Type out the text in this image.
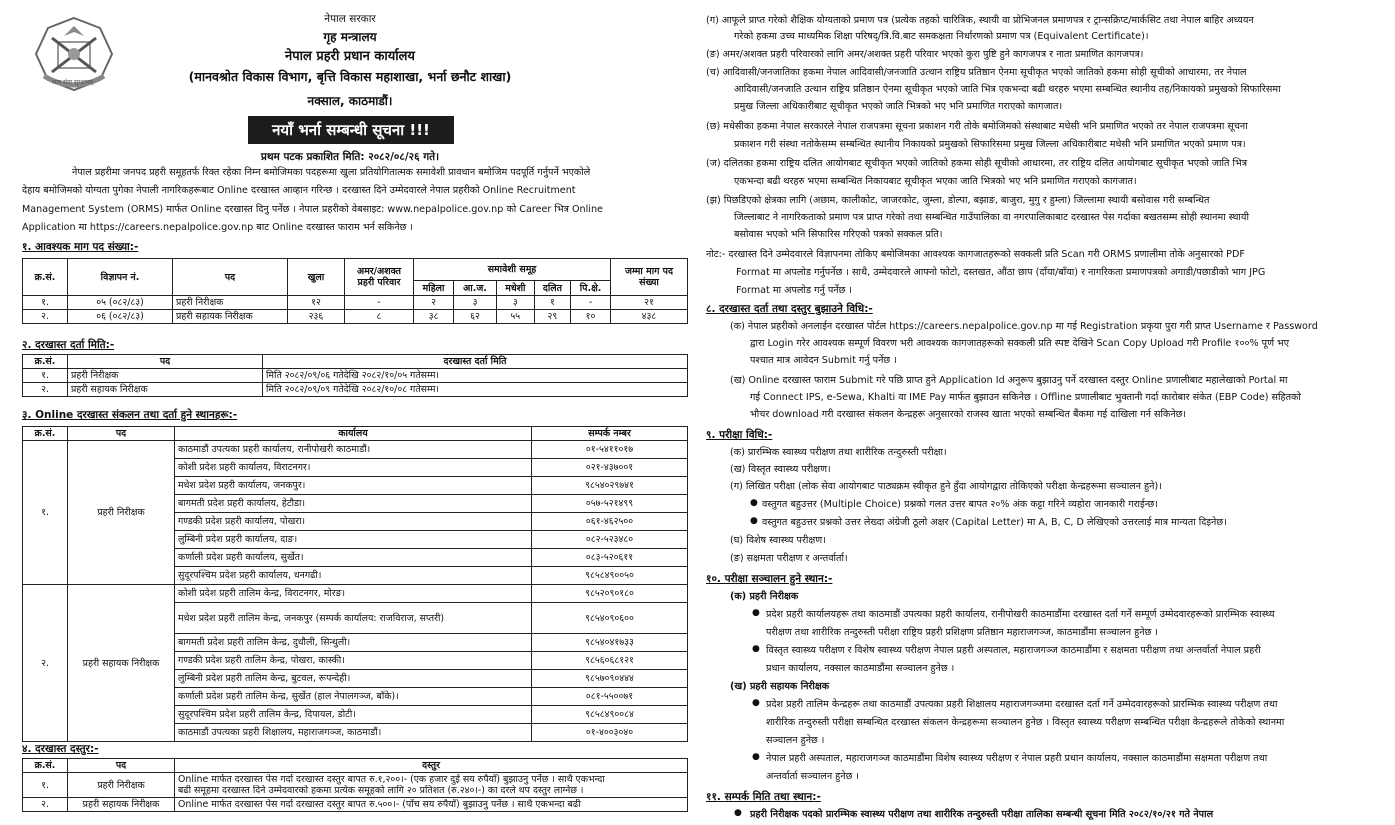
सत्य सेवा सुरक्षणम्
नेपाल सरकार
गृह मन्त्रालय
नेपाल प्रहरी प्रधान कार्यालय
(मानवश्रोत विकास विभाग, बृत्ति विकास महाशाखा, भर्ना छनौट शाखा)
नक्साल, काठमाडौं।
नयाँ भर्ना सम्बन्धी सूचना !!!
प्रथम पटक प्रकाशित मिति: २०८२/०८/२६ गते।
नेपाल प्रहरीमा जनपद प्रहरी समूहतर्फ रिक्त रहेका निम्न बमोजिमका पदहरूमा खुला प्रतियोगितात्मक समावेशी प्रावधान बमोजिम पदपूर्ति गर्नुपर्ने भएकोले
देहाय बमोजिमको योग्यता पुगेका नेपाली नागरिकहरूबाट Online दरखास्त आव्हान गरिन्छ । दरखास्त दिने उम्मेदवारले नेपाल प्रहरीको Online Recruitment
Management System (ORMS) मार्फत Online दरखास्त दिनु पर्नेछ । नेपाल प्रहरीको वेबसाइट: www.nepalpolice.gov.np को Career भित्र Online
Application मा https://careers.nepalpolice.gov.np बाट Online दरखास्त फाराम भर्न सकिनेछ ।
१. आवश्यक माग पद संख्या:-
क्र.सं.	विज्ञापन नं.	पद	खुला	अमर/अशक्त प्रहरी परिवार	समावेशी समूह					जम्मा माग पद संख्या
					महिला	आ.ज.	मधेशी	दलित	पि.क्षे.	
१.	०५ (०८२/८३)	प्रहरी निरीक्षक	१२	-	२	३	३	१	-	२१
२.	०६ (०८२/८३)	प्रहरी सहायक निरीक्षक	२३६	८	३८	६२	५५	२९	१०	४३८
२. दरखास्त दर्ता मिति:-
क्र.सं.	पद	दरखास्त दर्ता मिति
१.	प्रहरी निरीक्षक	मिति २०८२/०९/०६ गतेदेखि २०८२/१०/०५ गतेसम्म।
२.	प्रहरी सहायक निरीक्षक	मिति २०८२/०९/०९ गतेदेखि २०८२/१०/०८ गतेसम्म।
३. Online दरखास्त संकलन तथा दर्ता हुने स्थानहरू:-
क्र.सं.	पद	कार्यालय	सम्पर्क नम्बर
१.	प्रहरी निरीक्षक	काठमाडौं उपत्यका प्रहरी कार्यालय, रानीपोखरी काठमाडौं।	०१-५४११०१७
		कोशी प्रदेश प्रहरी कार्यालय, विराटनगर।	०२१-४३७००१
		मधेश प्रदेश प्रहरी कार्यालय, जनकपुर।	९८५४०२९७४१
		बागमती प्रदेश प्रहरी कार्यालय, हेटौडा।	०५७-५२१४९९
		गण्डकी प्रदेश प्रहरी कार्यालय, पोखरा।	०६१-४६२५००
		लुम्बिनी प्रदेश प्रहरी कार्यालय, दाङ।	०८२-५२३४८०
		कर्णाली प्रदेश प्रहरी कार्यालय, सुर्खेत।	०८३-५२०६११
		सुदूरपश्चिम प्रदेश प्रहरी कार्यालय, धनगढी।	९८५८४९००५०
२.	प्रहरी सहायक निरीक्षक	कोशी प्रदेश प्रहरी तालिम केन्द्र, विराटनगर, मोरङ।	९८५२०९०१८०
		मधेश प्रदेश प्रहरी तालिम केन्द्र, जनकपुर (सम्पर्क कार्यालय: राजविराज, सप्तरी)	९८५४०९०६००
		बागमती प्रदेश प्रहरी तालिम केन्द्र, दुधौली, सिन्धुली।	९८५४०४१७३३
		गण्डकी प्रदेश प्रहरी तालिम केन्द्र, पोखरा, कास्की।	९८५६०६८१२१
		लुम्बिनी प्रदेश प्रहरी तालिम केन्द्र, बुटवल, रूपन्देही।	९८५७०९०४४४
		कर्णाली प्रदेश प्रहरी तालिम केन्द्र, सुर्खेत (हाल नेपालगञ्ज, बाँके)।	०८१-५५००७१
		सुदूरपश्चिम प्रदेश प्रहरी तालिम केन्द्र, दिपायल, डोटी।	९८५८४९००८४
		काठमाडौं उपत्यका प्रहरी शिक्षालय, महाराजगञ्ज, काठमाडौं।	०१-४००३०४०
४. दरखास्त दस्तुर:-
क्र.सं.	पद	दस्तुर
१.	प्रहरी निरीक्षक	Online मार्फत दरखास्त पेस गर्दा दरखास्त दस्तुर बापत रु.१,२००।- (एक हजार दुई सय रुपैयाँ) बुझाउनु पर्नेछ । साथै एकभन्दा
बढी समूहमा दरखास्त दिने उम्मेदवारको हकमा प्रत्येक समूहको लागि २० प्रतिशत (रु.२४०।-) का दरले थप दस्तुर लाग्नेछ ।

२.	प्रहरी सहायक निरीक्षक	Online मार्फत दरखास्त पेस गर्दा दरखास्त दस्तुर बापत रु.५००।- (पाँच सय रुपैयाँ) बुझाउनु पर्नेछ । साथै एकभन्दा बढी
(ग) आफूले प्राप्त गरेको शैक्षिक योग्यताको प्रमाण पत्र (प्रत्येक तहको चारित्रिक, स्थायी वा प्रोभिजनल प्रमाणपत्र र ट्रान्सक्रिप्ट/मार्कसिट तथा नेपाल बाहिर अध्ययन
गरेको हकमा उच्च माध्यमिक शिक्षा परिषद्/त्रि.वि.बाट समकक्षता निर्धारणको प्रमाण पत्र (Equivalent Certificate)।
(ङ) अमर/अशक्त प्रहरी परिवारको लागि अमर/अशक्त प्रहरी परिवार भएको कुरा पुष्टि हुने कागजपत्र र नाता प्रमाणित कागजपत्र।
(च) आदिवासी/जनजातिका हकमा नेपाल आदिवासी/जनजाति उत्थान राष्ट्रिय प्रतिष्ठान ऐनमा सूचीकृत भएको जातिको हकमा सोही सूचीको आधारमा, तर नेपाल
आदिवासी/जनजाति उत्थान राष्ट्रिय प्रतिष्ठान ऐनमा सूचीकृत भएको जाति भित्र एकभन्दा बढी थरहरु भएमा सम्बन्धित स्थानीय तह/निकायको प्रमुखको सिफारिसमा
प्रमुख जिल्ला अधिकारीबाट सूचीकृत भएको जाति भित्रको भए भनि प्रमाणित गराएको कागजात।
(छ) मधेसीका हकमा नेपाल सरकारले नेपाल राजपत्रमा सूचना प्रकाशन गरी तोके बमोजिमको संस्थाबाट मधेसी भनि प्रमाणित भएको तर नेपाल राजपत्रमा सूचना
प्रकाशन गरी संस्था नतोकेसम्म सम्बन्धित स्थानीय निकायको प्रमुखको सिफारिसमा प्रमुख जिल्ला अधिकारीबाट मधेसी भनि प्रमाणित भएको प्रमाण पत्र।
(ज) दलितका हकमा राष्ट्रिय दलित आयोगबाट सूचीकृत भएको जातिको हकमा सोही सूचीको आधारमा, तर राष्ट्रिय दलित आयोगबाट सूचीकृत भएको जाति भित्र
एकभन्दा बढी थरहरु भएमा सम्बन्धित निकायबाट सूचीकृत भएका जाति भित्रको भए भनि प्रमाणित गराएको कागजात।
(झ) पिछडिएको क्षेत्रका लागि (अछाम, कालीकोट, जाजरकोट, जुम्ला, डोल्पा, बझाङ, बाजुरा, मुगु र हुम्ला) जिल्लामा स्थायी बसोवास गरी सम्बन्धित
जिल्लाबाट ने नागरिकताको प्रमाण पत्र प्राप्त गरेको तथा सम्बन्धित गाउँपालिका वा नगरपालिकाबाट दरखास्त पेस गर्दाका बखतसम्म सोही स्थानमा स्थायी
बसोवास भएको भनि सिफारिस गरिएको पत्रको सक्कल प्रति।
नोट:- दरखास्त दिने उम्मेदवारले विज्ञापनमा तोकिए बमोजिमका आवश्यक कागजातहरूको सक्कली प्रति Scan गरी ORMS प्रणालीमा तोके अनुसारको PDF
Format मा अपलोड गर्नुपर्नेछ । साथै, उम्मेदवारले आफ्नो फोटो, दस्तखत, औंठा छाप (दाँया/बाँया) र नागरिकता प्रमाणपत्रको अगाडी/पछाडीको भाग JPG
Format मा अपलोड गर्नु पर्नेछ ।
८. दरखास्त दर्ता तथा दस्तुर बुझाउने विधि:-
(क) नेपाल प्रहरीको अनलाईन दरखास्त पोर्टल https://careers.nepalpolice.gov.np मा गई Registration प्रकृया पुरा गरी प्राप्त Username र Password
द्वारा Login गरेर आवश्यक सम्पूर्ण विवरण भरी आवश्यक कागजातहरूको सक्कली प्रति स्पष्ट देखिने Scan Copy Upload गरी Profile १००% पूर्ण भए
पश्चात मात्र आवेदन Submit गर्नु पर्नेछ ।
(ख) Online दरखास्त फाराम Submit गरे पछि प्राप्त हुने Application Id अनुरूप बुझाउनु पर्ने दरखास्त दस्तुर Online प्रणालीबाट महालेखाको Portal मा
गई Connect IPS, e-Sewa, Khalti वा IME Pay मार्फत बुझाउन सकिनेछ । Offline प्रणालीबाट भुक्तानी गर्दा कारोबार संकेत (EBP Code) सहितको
भौचर download गरी दरखास्त संकलन केन्द्रहरू अनुसारको राजस्व खाता भएको सम्बन्धित बैंकमा गई दाखिला गर्न सकिनेछ।
९. परीक्षा विधि:-
(क) प्रारम्भिक स्वास्थ्य परीक्षण तथा शारीरिक तन्दुरुस्ती परीक्षा।
(ख) विस्तृत स्वास्थ्य परीक्षण।
(ग) लिखित परीक्षा (लोक सेवा आयोगबाट पाठ्यक्रम स्वीकृत हुने हुँदा आयोगद्वारा तोकिएको परीक्षा केन्द्रहरूमा सञ्चालन हुने)।
● वस्तुगत बहुउत्तर (Multiple Choice) प्रश्नको गलत उत्तर बापत २०% अंक कट्टा गरिने व्यहोरा जानकारी गराईन्छ।
● वस्तुगत बहुउत्तर प्रश्नको उत्तर लेख्दा अंग्रेजी ठूलो अक्षर (Capital Letter) मा A, B, C, D लेखिएको उत्तरलाई मात्र मान्यता दिइनेछ।
(घ) विशेष स्वास्थ्य परीक्षण।
(ङ) सक्षमता परीक्षण र अन्तर्वार्ता।
१०. परीक्षा सञ्चालन हुने स्थान:-
(क) प्रहरी निरीक्षक
● प्रदेश प्रहरी कार्यालयहरू तथा काठमाडौं उपत्यका प्रहरी कार्यालय, रानीपोखरी काठमाडौंमा दरखास्त दर्ता गर्ने सम्पूर्ण उम्मेदवारहरूको प्रारम्भिक स्वास्थ्य
परीक्षण तथा शारीरिक तन्दुरुस्ती परीक्षा राष्ट्रिय प्रहरी प्रशिक्षण प्रतिष्ठान महाराजगञ्ज, काठमाडौंमा सञ्चालन हुनेछ ।
● विस्तृत स्वास्थ्य परीक्षण र विशेष स्वास्थ्य परीक्षण नेपाल प्रहरी अस्पताल, महाराजगञ्ज काठमाडौंमा र सक्षमता परीक्षण तथा अन्तर्वार्ता नेपाल प्रहरी
प्रधान कार्यालय, नक्साल काठमाडौंमा सञ्चालन हुनेछ ।
(ख) प्रहरी सहायक निरीक्षक
● प्रदेश प्रहरी तालिम केन्द्रहरू तथा काठमाडौं उपत्यका प्रहरी शिक्षालय महाराजगञ्जमा दरखास्त दर्ता गर्ने उम्मेदवारहरूको प्रारम्भिक स्वास्थ्य परीक्षण तथा
शारीरिक तन्दुरुस्ती परीक्षा सम्बन्धित दरखास्त संकलन केन्द्रहरूमा सञ्चालन हुनेछ । विस्तृत स्वास्थ्य परीक्षण सम्बन्धित परीक्षा केन्द्रहरूले तोकेको स्थानमा
सञ्चालन हुनेछ ।
● नेपाल प्रहरी अस्पताल, महाराजगञ्ज काठमाडौंमा विशेष स्वास्थ्य परीक्षण र नेपाल प्रहरी प्रधान कार्यालय, नक्साल काठमाडौंमा सक्षमता परीक्षण तथा
अन्तर्वार्ता सञ्चालन हुनेछ ।
११. सम्पर्क मिति तथा स्थान:-
● प्रहरी निरीक्षक पदको प्रारम्भिक स्वास्थ्य परीक्षण तथा शारीरिक तन्दुरुस्ती परीक्षा तालिका सम्बन्धी सूचना मिति २०८२/१०/२१ गते नेपाल
